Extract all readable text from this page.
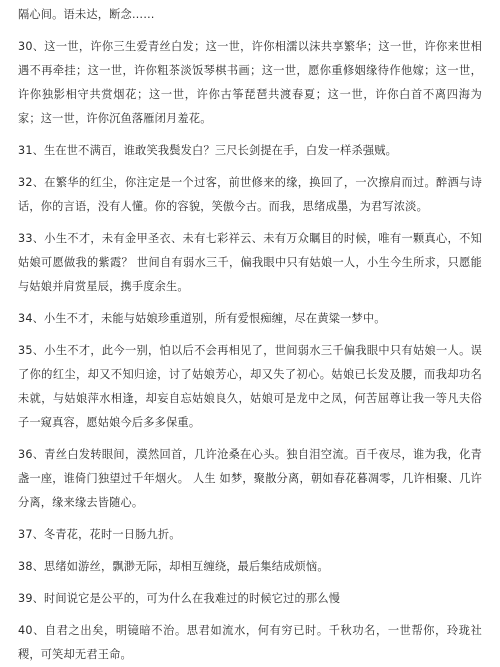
隔心间。语未达，断念……

30、这一世，许你三生爱青丝白发；这一世，许你相濡以沫共享繁华；这一世，许你来世相遇不再牵挂；这一世，许你粗茶淡饭琴棋书画；这一世，愿你重修姻缘待作他嫁；这一世，许你独影相守共赏烟花；这一世，许你古筝琵琶共渡春夏；这一世，许你白首不离四海为家；这一世，许你沉鱼落雁闭月羞花。

31、生在世不满百，谁敢笑我鬓发白？三尺长剑提在手，白发一样杀强贼。

32、在繁华的红尘，你注定是一个过客，前世修来的缘，换回了，一次擦肩而过。醉酒与诗话，你的言语，没有人懂。你的容貌，笑傲今古。而我，思绪成墨，为君写浓淡。

33、小生不才，未有金甲圣衣、未有七彩祥云、未有万众瞩目的时候，唯有一颗真心，不知姑娘可愿做我的紫霞？ 世间自有弱水三千，偏我眼中只有姑娘一人，小生今生所求，只愿能与姑娘并肩赏星辰，携手度余生。

34、小生不才，未能与姑娘珍重道别，所有爱恨痴缠，尽在黄粱一梦中。

35、小生不才，此今一别，怕以后不会再相见了，世间弱水三千偏我眼中只有姑娘一人。误了你的红尘，却又不知归途，讨了姑娘芳心，却又失了初心。姑娘已长发及腰，而我却功名未就，与姑娘萍水相逢，却妄自忘姑娘良久，姑娘可是龙中之凤，何苦屈尊让我一等凡夫俗子一窥真容，愿姑娘今后多多保重。

36、青丝白发转眼间，漠然回首，几许沧桑在心头。独自泪空流。百千夜尽，谁为我，化青盏一座，谁倚门独望过千年烟火。 人生 如梦，聚散分离，朝如春花暮凋零，几许相聚、几许分离，缘来缘去皆随心。

37、冬青花，花时一日肠九折。

38、思绪如游丝，飘渺无际，却相互缠绕，最后集结成烦恼。

39、时间说它是公平的，可为什么在我难过的时候它过的那么慢

40、自君之出矣，明镜暗不治。思君如流水，何有穷已时。千秋功名，一世帮你，玲珑社稷，可笑却无君王命。
